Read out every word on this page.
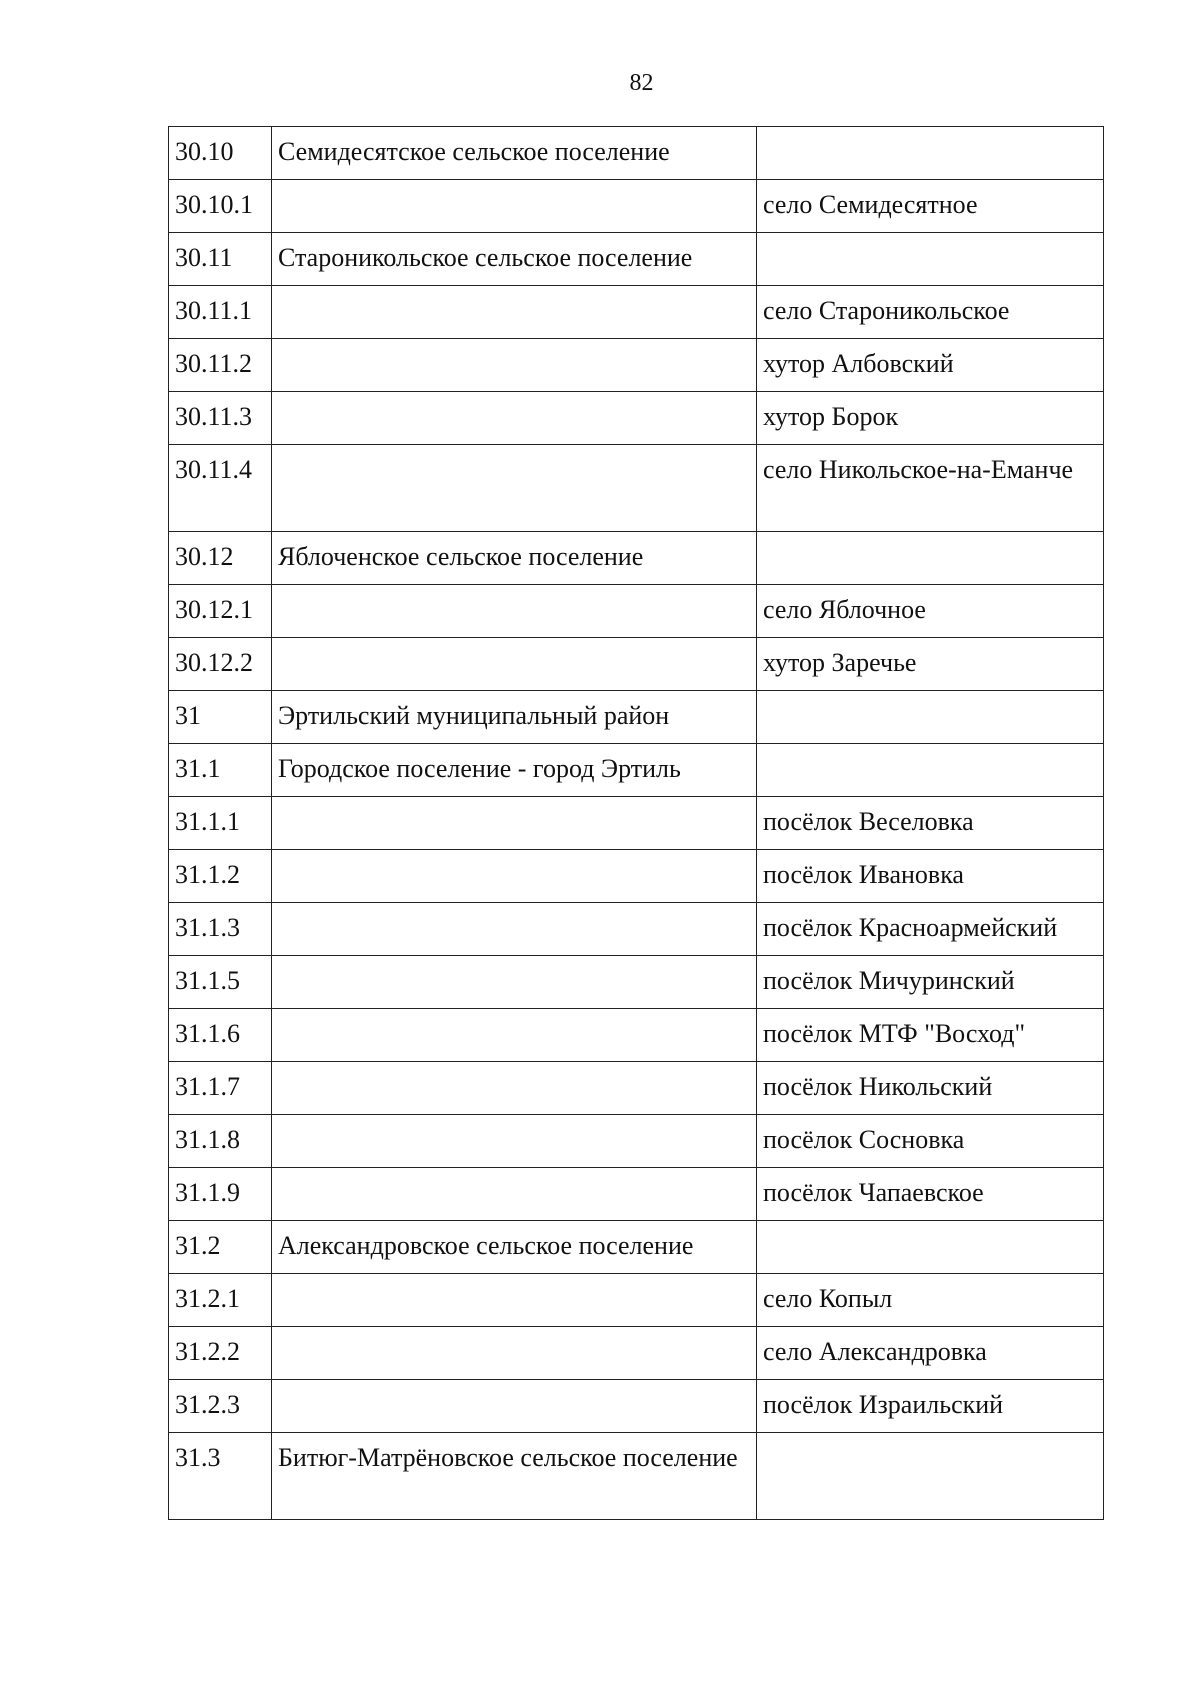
82
30.10	Семидесятское сельское поселение	
30.10.1		село Семидесятное
30.11	Староникольское сельское поселение	
30.11.1		село Староникольское
30.11.2		хутор Албовский
30.11.3		хутор Борок
30.11.4		село Никольское-на-Еманче
30.12	Яблоченское сельское поселение	
30.12.1		село Яблочное
30.12.2		хутор Заречье
31	Эртильский муниципальный район	
31.1	Городское поселение - город Эртиль	
31.1.1		посёлок Веселовка
31.1.2		посёлок Ивановка
31.1.3		посёлок Красноармейский
31.1.5		посёлок Мичуринский
31.1.6		посёлок МТФ "Восход"
31.1.7		посёлок Никольский
31.1.8		посёлок Сосновка
31.1.9		посёлок Чапаевское
31.2	Александровское сельское поселение	
31.2.1		село Копыл
31.2.2		село Александровка
31.2.3		посёлок Израильский
31.3	Битюг-Матрёновское сельское поселение	
